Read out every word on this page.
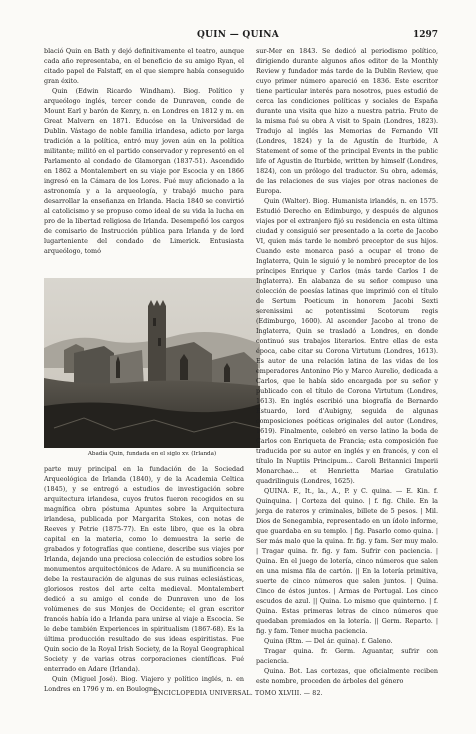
QUIN — QUINA	1297

blació Quin en Bath y dejó definitivamente el teatro, aunque cada año representaba, en el beneficio de su amigo Ryan, el citado papel de Falstaff, en el que siempre había conseguido gran éxito.

Quin (Edwin Ricardo Windham). Biog. Político y arqueólogo inglés, tercer conde de Dunraven, conde de Mount Earl y barón de Kenry, n. en Londres en 1812 y m. en Great Malvern en 1871. Educóse en la Universidad de Dublin. Vástago de noble familia irlandesa, adicto por larga tradición a la política, entró muy joven aún en la política militante; militó en el partido conservador y representó en el Parlamento al condado de Glamorgan (1837-51). Ascendido en 1862 a Montalembert en su viaje por Escocia y en 1866 ingresó en la Cámara de los Lores. Fué muy aficionado a la astronomía y a la arqueología, y trabajó mucho para desarrollar la enseñanza en Irlanda. Hacia 1840 se convirtió al catolicismo y se propuso como ideal de su vida la lucha en pro de la libertad religiosa de Irlanda. Desempeñó los cargos de comisario de Instrucción pública para Irlanda y de lord lugarteniente del condado de Limerick. Entusiasta arqueólogo, tomó

Abadía Quin, fundada en el siglo xv. (Irlanda)

parte muy principal en la fundación de la Sociedad Arqueológica de Irlanda (1840), y de la Academia Celtica (1845), y se entregó a estudios de investigación sobre arquitectura irlandesa, cuyos frutos fueron recogidos en su magnífica obra póstuma Apuntes sobre la Arquitectura irlandesa, publicada por Margarita Stokes, con notas de Reeves y Petrie (1875-77). En este libro, que es la obra capital en la materia, como lo demuestra la serie de grabados y fotografías que contiene, describe sus viajes por Irlanda, dejando una preciosa colección de estudios sobre los monumentos arquitectónicos de Adare. A su munificencia se debe la restauración de algunas de sus ruinas eclesiásticas, gloriosos restos del arte celta medieval. Montalembert dedicó a su amigo el conde de Dunraven uno de los volúmenes de sus Monjes de Occidente; el gran escritor francés había ido a Irlanda para unirse al viaje a Escocia. Se le debe también Experiences in spiritualism (1867-68). Es la última producción resultado de sus ideas espiritistas. Fue Quin socio de la Royal Irish Society, de la Royal Geographical Society y de varias otras corporaciones científicas. Fué enterrado en Adare (Irlanda).

Quin (Miguel José). Biog. Viajero y político inglés, n. en Londres en 1796 y m. en Boulogne-

sur-Mer en 1843. Se dedicó al periodismo político, dirigiendo durante algunos años editor de la Monthly Review y fundador más tarde de la Dublin Review, que cuyo primer número apareció en 1836. Este escritor tiene particular interés para nosotros, pues estudió de cerca las condiciones políticas y sociales de España durante una visita que hizo a nuestra patria. Fruto de la misma fué su obra A visit to Spain (Londres, 1823). Tradujo al inglés las Memorias de Fernando VII (Londres, 1824) y la de Agustín de Iturbide, A Statement of some of the principal Events in the public life of Agustin de Iturbide, written by himself (Londres, 1824), con un prólogo del traductor. Su obra, además, de las relaciones de sus viajes por otras naciones de Europa.

Quin (Walter). Biog. Humanista irlandés, n. en 1575. Estudió Derecho en Edimburgo, y después de algunos viajes por el extranjero fijó su residencia en esta última ciudad y consiguió ser presentado a la corte de Jacobo VI, quien más tarde le nombró preceptor de sus hijos. Cuando este monarca pasó a ocupar el trono de Inglaterra, Quin le siguió y le nombró preceptor de los príncipes Enrique y Carlos (más tarde Carlos I de Inglaterra). En alabanza de su señor compuso una colección de poesías latinas que imprimió con el título de Sertum Poeticum in honorem Jacobi Sexti serenissimi ac potentissimi Scotorum regis (Edimburgo, 1600). Al ascender Jacobo al trono de Inglaterra, Quin se trasladó a Londres, en donde continuó sus trabajos literarios. Entre ellas de esta época, cabe citar su Corona Virtutum (Londres, 1613). Es autor de una relación latina de las vidas de los emperadores Antonino Pío y Marco Aurelio, dedicada a Carlos, que le había sido encargada por su señor y publicado con el título de Corona Virtutum (Londres, 1613). En inglés escribió una biografía de Bernardo Estuardo, lord d'Aubigny, seguida de algunas composiciones poéticas originales del autor (Londres, 1619). Finalmente, celebró en verso latino la boda de Carlos con Enriqueta de Francia; esta composición fue traducida por su autor en inglés y en francés, y con el título In Nuptiis Principum... Caroli Britannici Imperii Monarchae... et Henrietta Mariae Gratulatio quadrilinguis (Londres, 1625).

QUINA. F., It., la., A., P. y C. quina. — E. Kin. f. Quinquina. | Corteza del quino. | f. fig. Chile. En la jerga de rateros y criminales, billete de 5 pesos. | Mil. Dios de Senegambia, representado en un ídolo informe, que guardaba en su templo. | fig. Pasarlo como quina. | Ser más malo que la quina. fr. fig. y fam. Ser muy malo. | Tragar quina. fr. fig. y fam. Sufrir con paciencia. | Quina. En el juego de lotería, cinco números que salen en una misma fila de cartón. || En la lotería primitiva, suerte de cinco números que salen juntos. | Quina. Cinco de éstos juntos. | Armas de Portugal. Los cinco escudos de azul. || Quina. Lo mismo que quinterno. | f. Quina. Estas primeras letras de cinco números que quedaban premiados en la lotería. || Germ. Reparto. | fig. y fam. Tener mucha paciencia.

Quina (Rtm. — Del ár. quina). f. Galeno.

Tragar quina. fr. Germ. Aguantar, sufrir con paciencia.

Quina. Bot. Las cortezas, que oficialmente reciben este nombre, proceden de árboles del género

ENCICLOPEDIA UNIVERSAL. TOMO XLVIII. — 82.
